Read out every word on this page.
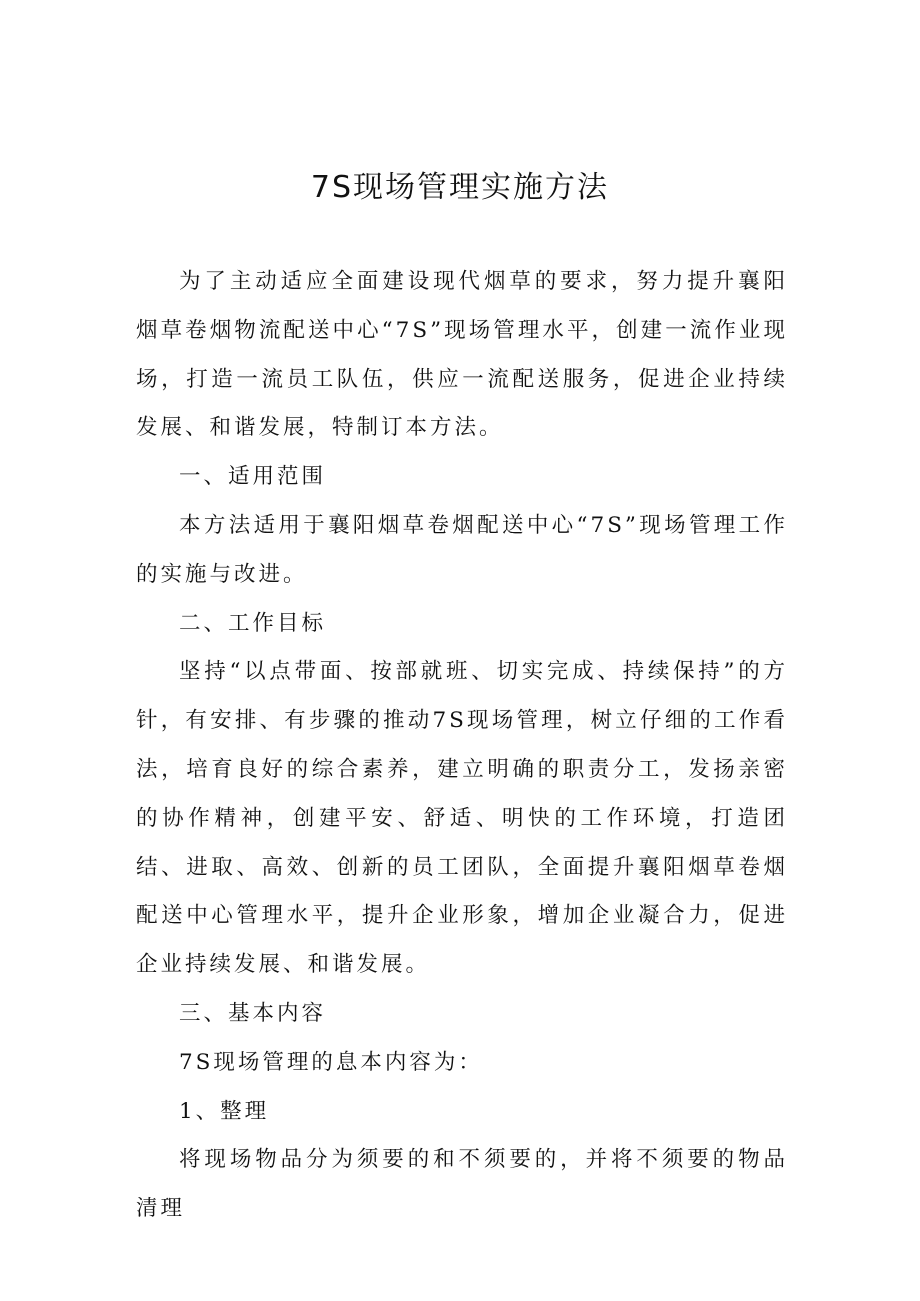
7S现场管理实施方法

为了主动适应全面建设现代烟草的要求，努力提升襄阳烟草卷烟物流配送中心“7S”现场管理水平，创建一流作业现场，打造一流员工队伍，供应一流配送服务，促进企业持续发展、和谐发展，特制订本方法。

一、适用范围

本方法适用于襄阳烟草卷烟配送中心“7S”现场管理工作的实施与改进。

二、工作目标

坚持“以点带面、按部就班、切实完成、持续保持”的方针，有安排、有步骤的推动7S现场管理，树立仔细的工作看法，培育良好的综合素养，建立明确的职责分工，发扬亲密的协作精神，创建平安、舒适、明快的工作环境，打造团结、进取、高效、创新的员工团队，全面提升襄阳烟草卷烟配送中心管理水平，提升企业形象，增加企业凝合力，促进企业持续发展、和谐发展。

三、基本内容

7S现场管理的息本内容为：

1、整理

将现场物品分为须要的和不须要的，并将不须要的物品清理
